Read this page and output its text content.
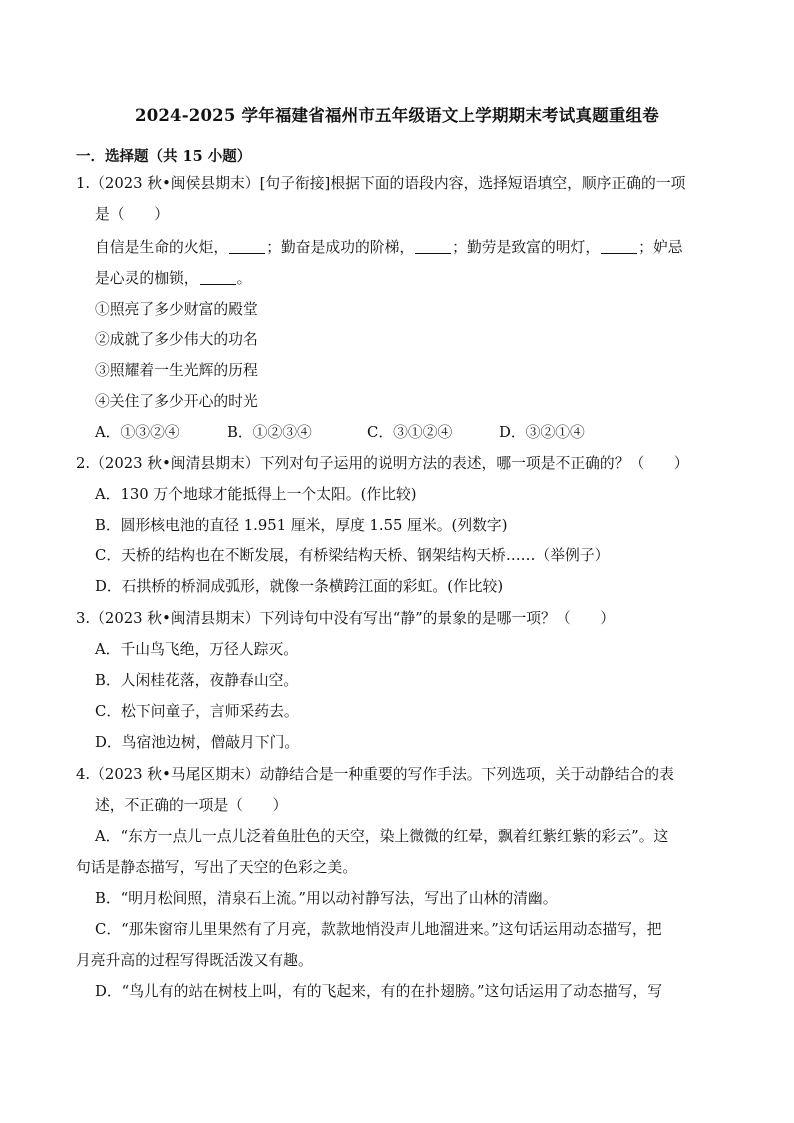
2024-2025 学年福建省福州市五年级语文上学期期末考试真题重组卷
一．选择题（共 15 小题）
1.（2023 秋•闽侯县期末）[句子衔接]根据下面的语段内容，选择短语填空，顺序正确的一项
是（　　）
自信是生命的火炬，	；勤奋是成功的阶梯，	；勤劳是致富的明灯，	；妒忌
是心灵的枷锁，	。
①照亮了多少财富的殿堂
②成就了多少伟大的功名
③照耀着一生光辉的历程
④关住了多少开心的时光
A．①③②④	B．①②③④	C．③①②④	D．③②①④
2.（2023 秋•闽清县期末）下列对句子运用的说明方法的表述，哪一项是不正确的？（　　）
A．130 万个地球才能抵得上一个太阳。(作比较)
B．圆形核电池的直径 1.951 厘米，厚度 1.55 厘米。(列数字)
C．天桥的结构也在不断发展，有桥梁结构天桥、钢架结构天桥……（举例子）
D．石拱桥的桥洞成弧形，就像一条横跨江面的彩虹。(作比较)
3.（2023 秋•闽清县期末）下列诗句中没有写出“静”的景象的是哪一项？（　　）
A．千山鸟飞绝，万径人踪灭。
B．人闲桂花落，夜静春山空。
C．松下问童子，言师采药去。
D．鸟宿池边树，僧敲月下门。
4.（2023 秋•马尾区期末）动静结合是一种重要的写作手法。下列选项，关于动静结合的表
述，不正确的一项是（　　）
A．“东方一点儿一点儿泛着鱼肚色的天空，染上微微的红晕，飘着红紫红紫的彩云”。这
句话是静态描写，写出了天空的色彩之美。
B．“明月松间照，清泉石上流。”用以动衬静写法，写出了山林的清幽。
C．“那朱窗帘儿里果然有了月亮，款款地悄没声儿地溜进来。”这句话运用动态描写，把
月亮升高的过程写得既活泼又有趣。
D．“鸟儿有的站在树枝上叫，有的飞起来，有的在扑翅膀。”这句话运用了动态描写，写
